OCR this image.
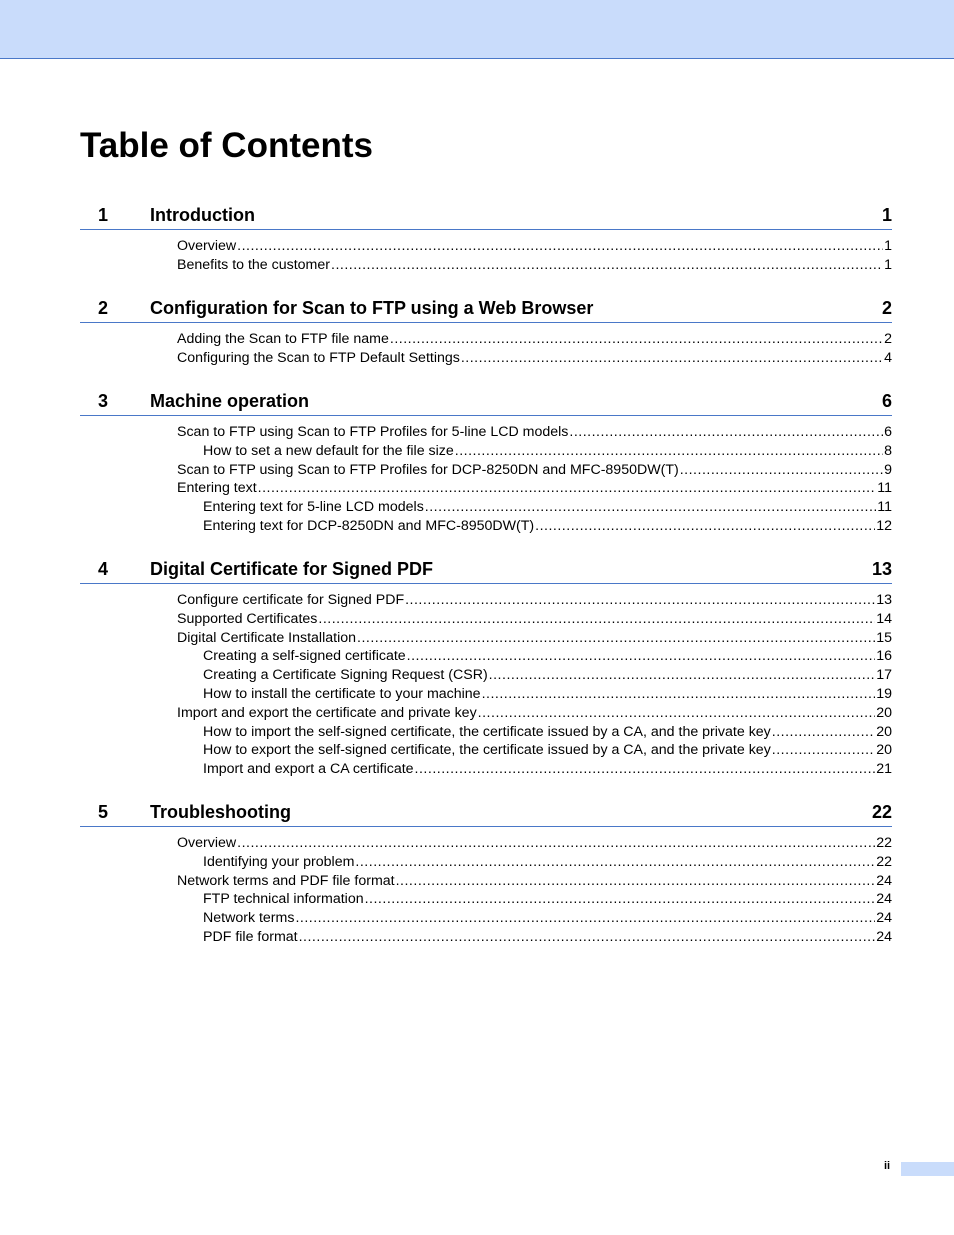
Table of Contents
1 Introduction	1
Overview .....	1
Benefits to the customer .....	1
2 Configuration for Scan to FTP using a Web Browser	2
Adding the Scan to FTP file name .....	2
Configuring the Scan to FTP Default Settings .....	4
3 Machine operation	6
Scan to FTP using Scan to FTP Profiles for 5-line LCD models .....	6
How to set a new default for the file size .....	8
Scan to FTP using Scan to FTP Profiles for DCP-8250DN and MFC-8950DW(T) .....	9
Entering text .....	11
Entering text for 5-line LCD models .....	11
Entering text for DCP-8250DN and MFC-8950DW(T) .....	12
4 Digital Certificate for Signed PDF	13
Configure certificate for Signed PDF .....	13
Supported Certificates .....	14
Digital Certificate Installation .....	15
Creating a self-signed certificate .....	16
Creating a Certificate Signing Request (CSR) .....	17
How to install the certificate to your machine .....	19
Import and export the certificate and private key .....	20
How to import the self-signed certificate, the certificate issued by a CA, and the private key .....	20
How to export the self-signed certificate, the certificate issued by a CA, and the private key .....	20
Import and export a CA certificate .....	21
5 Troubleshooting	22
Overview .....	22
Identifying your problem .....	22
Network terms and PDF file format .....	24
FTP technical information .....	24
Network terms .....	24
PDF file format .....	24
ii
